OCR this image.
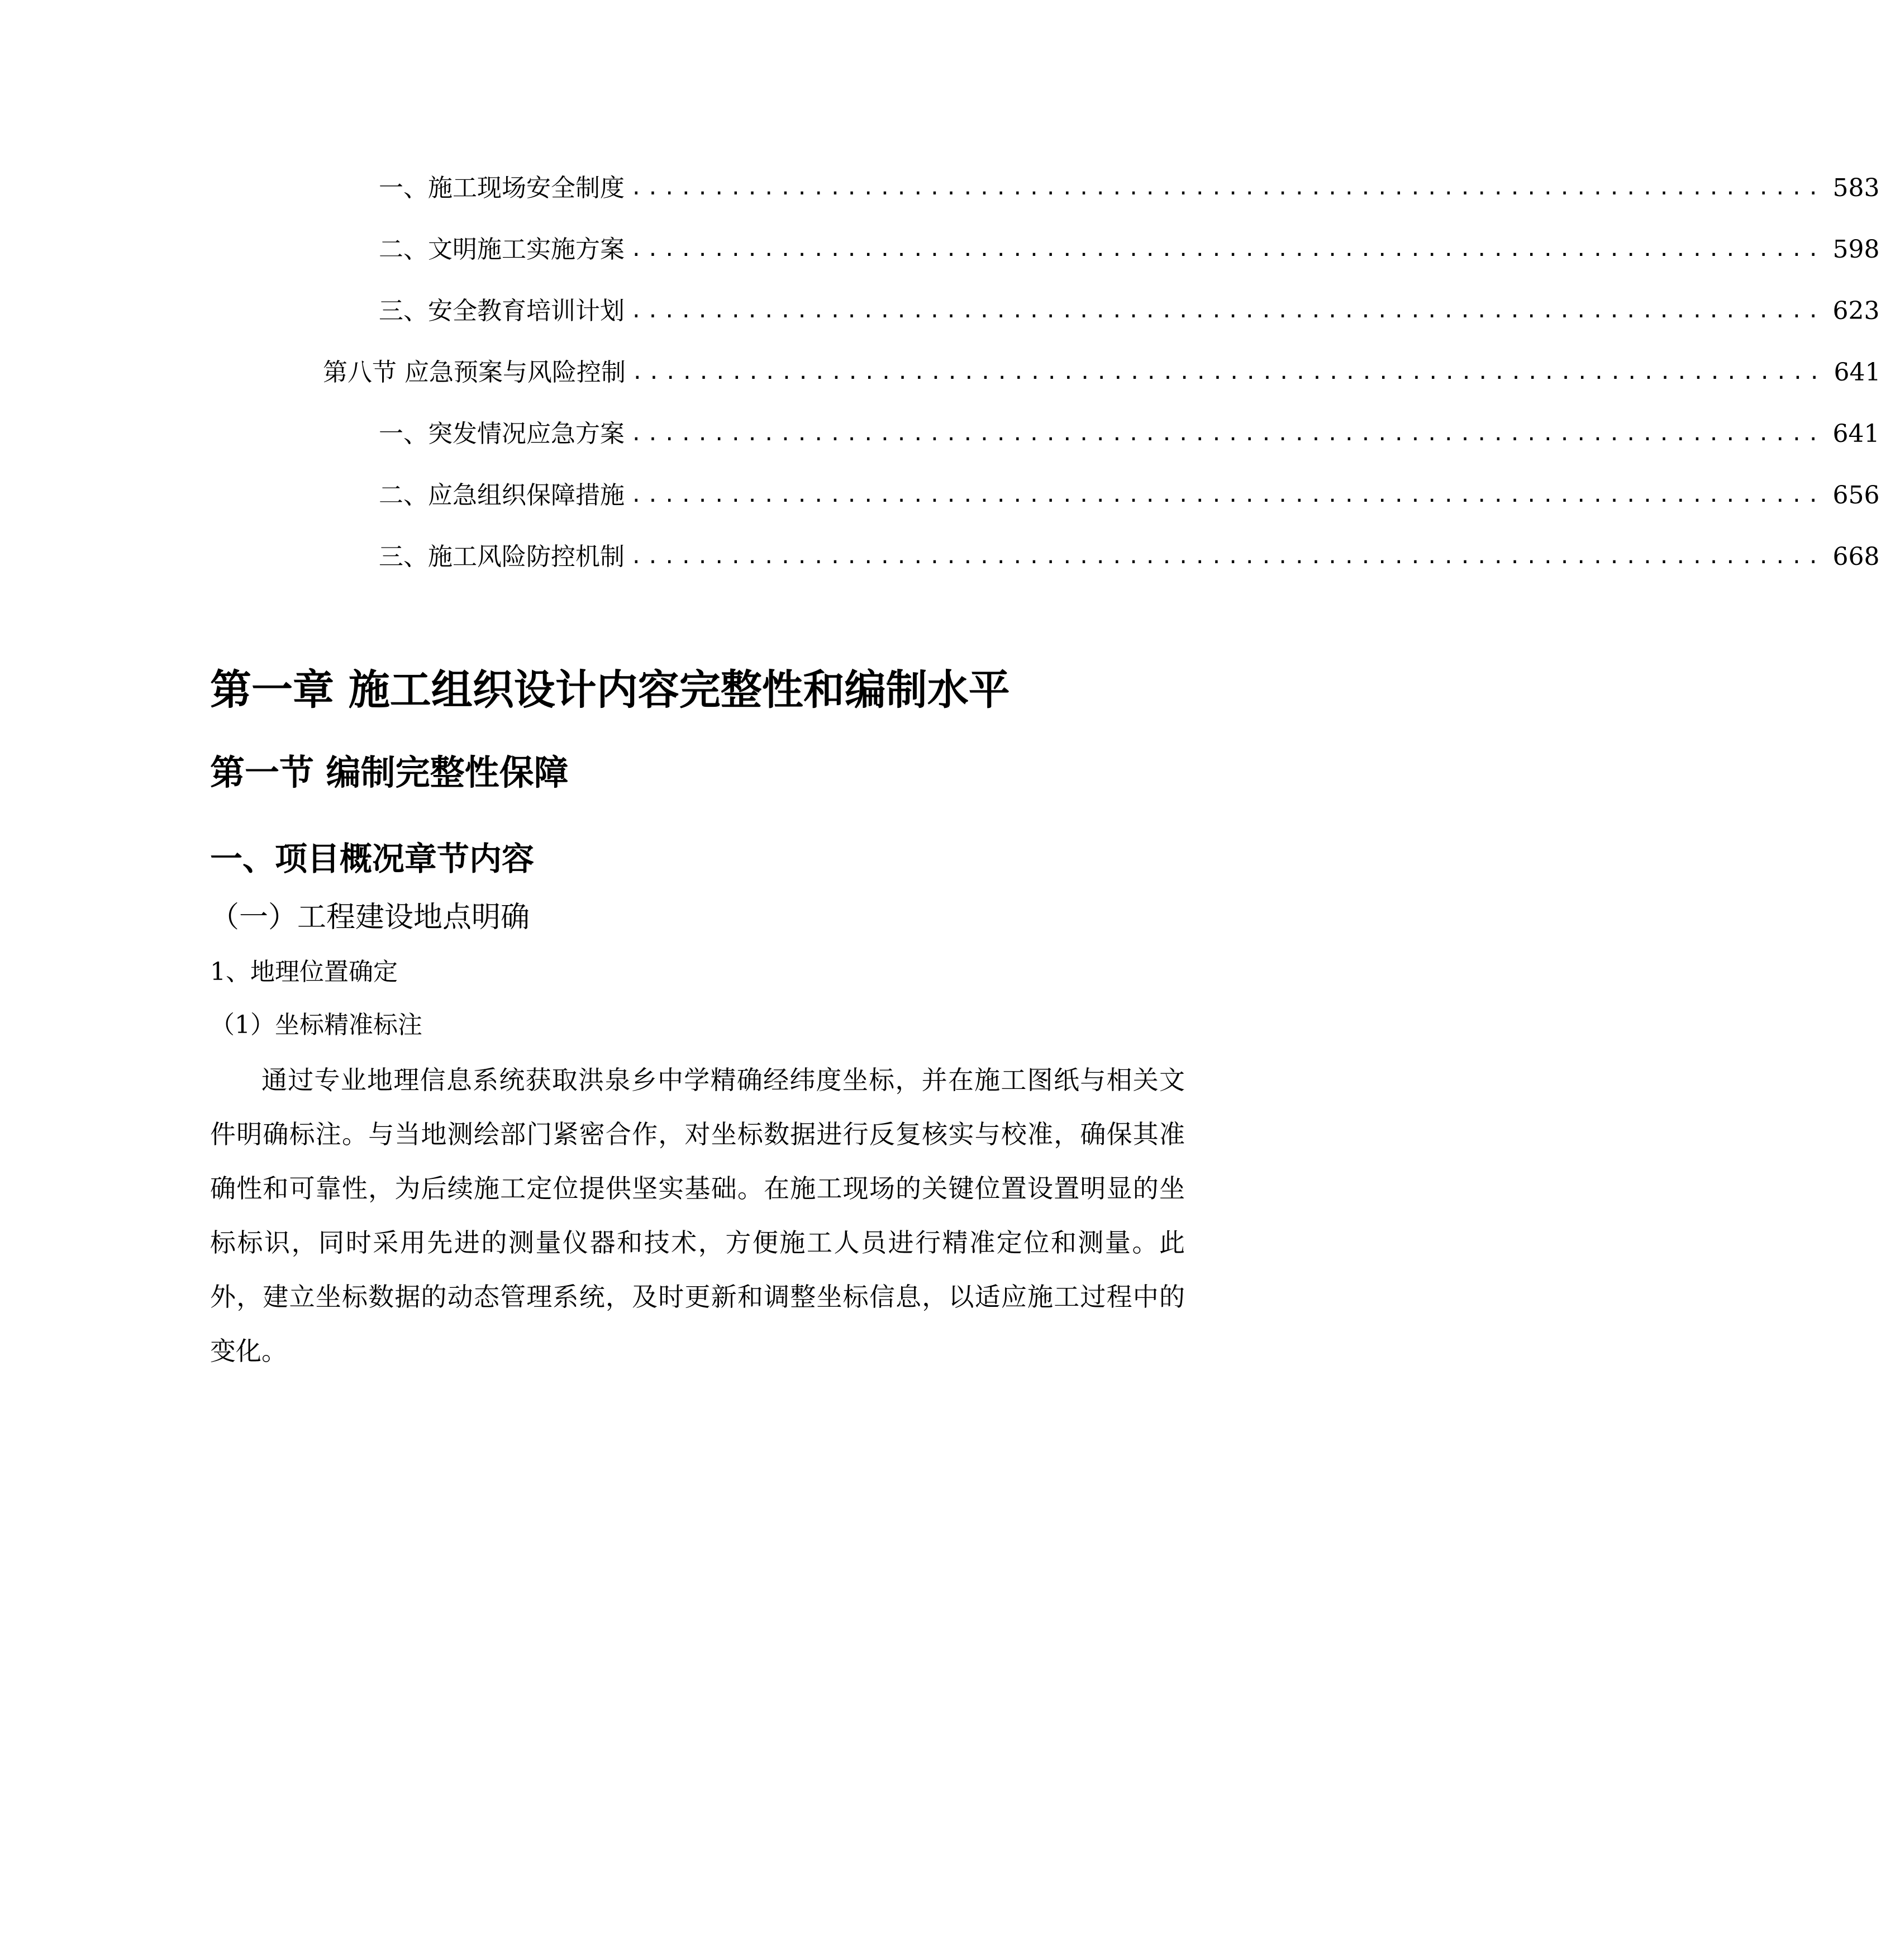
一、 施工现场安全制度 ........................................................................ 583
二、 文明施工实施方案 ........................................................................ 598
三、 安全教育培训计划 ........................................................................ 623
第八节 应急预案与风险控制 ........................................................................ 641
一、 突发情况应急方案 ........................................................................ 641
二、 应急组织保障措施 ........................................................................ 656
三、 施工风险防控机制 ........................................................................ 668
第一章 施工组织设计内容完整性和编制水平
第一节 编制完整性保障
一、项目概况章节内容
（一）工程建设地点明确
1、地理位置确定
（1）坐标精准标注

通过专业地理信息系统获取洪泉乡中学精确经纬度坐标，并在施工图纸与相关文件明确标注。与当地测绘部门紧密合作，对坐标数据进行反复核实与校准，确保其准确性和可靠性，为后续施工定位提供坚实基础。在施工现场的关键位置设置明显的坐标标识，同时采用先进的测量仪器和技术，方便施工人员进行精准定位和测量。此外，建立坐标数据的动态管理系统，及时更新和调整坐标信息，以适应施工过程中的变化。
